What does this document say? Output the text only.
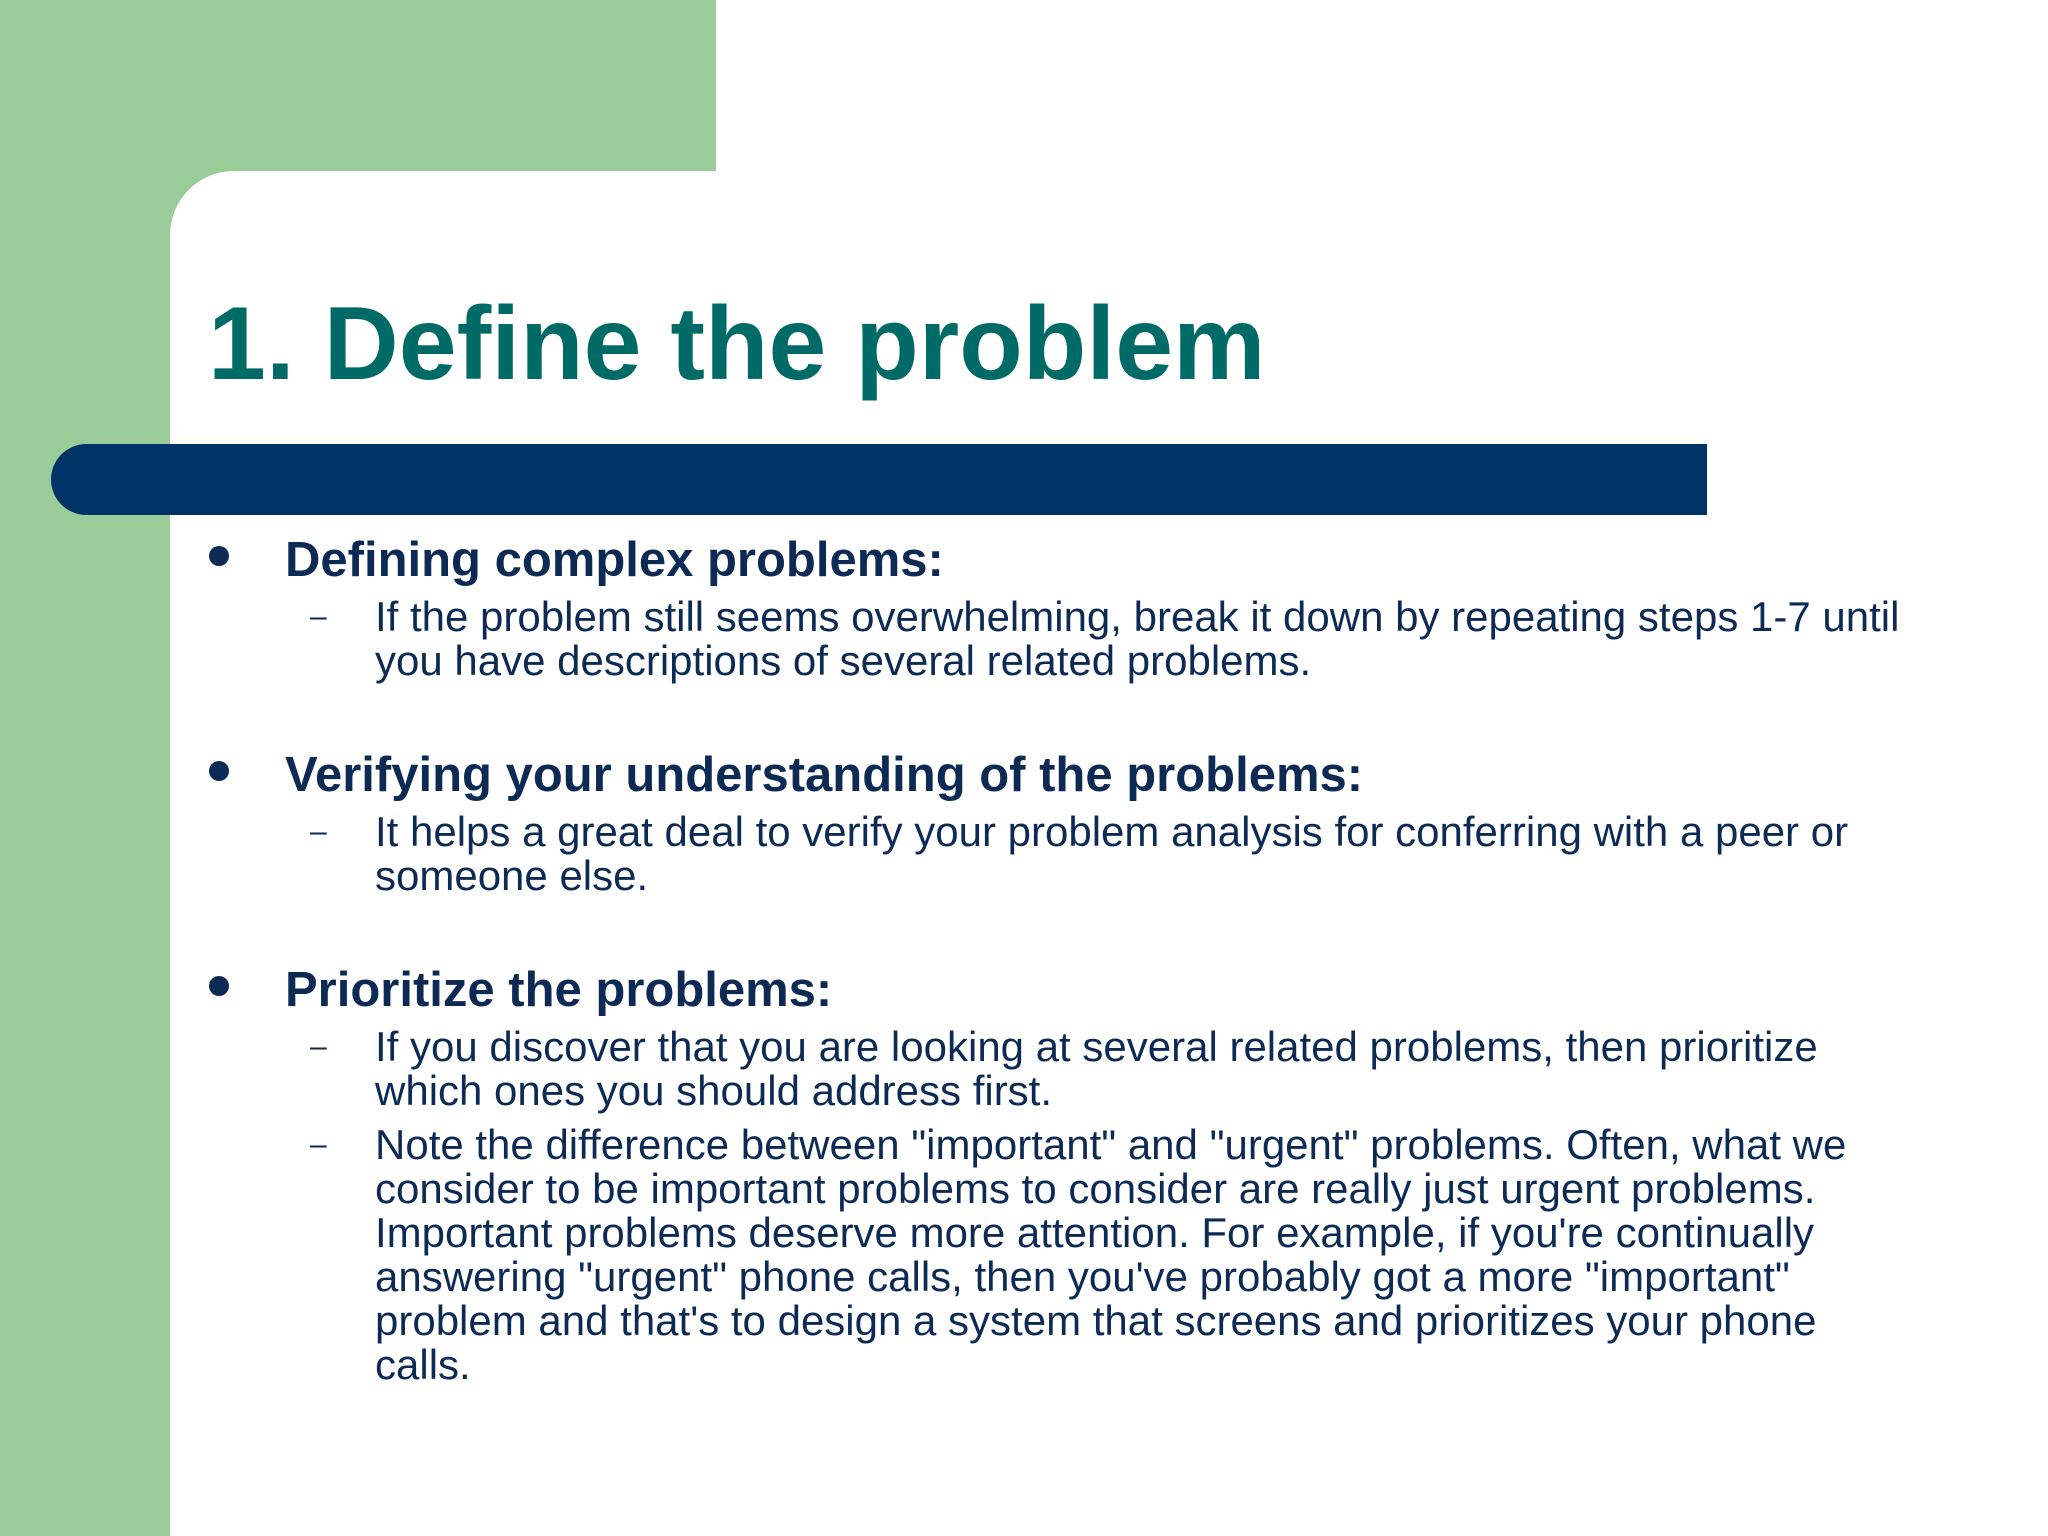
1. Define the problem
Defining complex problems:
–	If the problem still seems overwhelming, break it down by repeating steps 1-7 until you have descriptions of several related problems.

Verifying your understanding of the problems:
–	It helps a great deal to verify your problem analysis for conferring with a peer or someone else.

Prioritize the problems:
–	If you discover that you are looking at several related problems, then prioritize which ones you should address first.

–	Note the difference between "important" and "urgent" problems. Often, what we consider to be important problems to consider are really just urgent problems. Important problems deserve more attention. For example, if you're continually answering "urgent" phone calls, then you've probably got a more "important" problem and that's to design a system that screens and prioritizes your phone calls.
